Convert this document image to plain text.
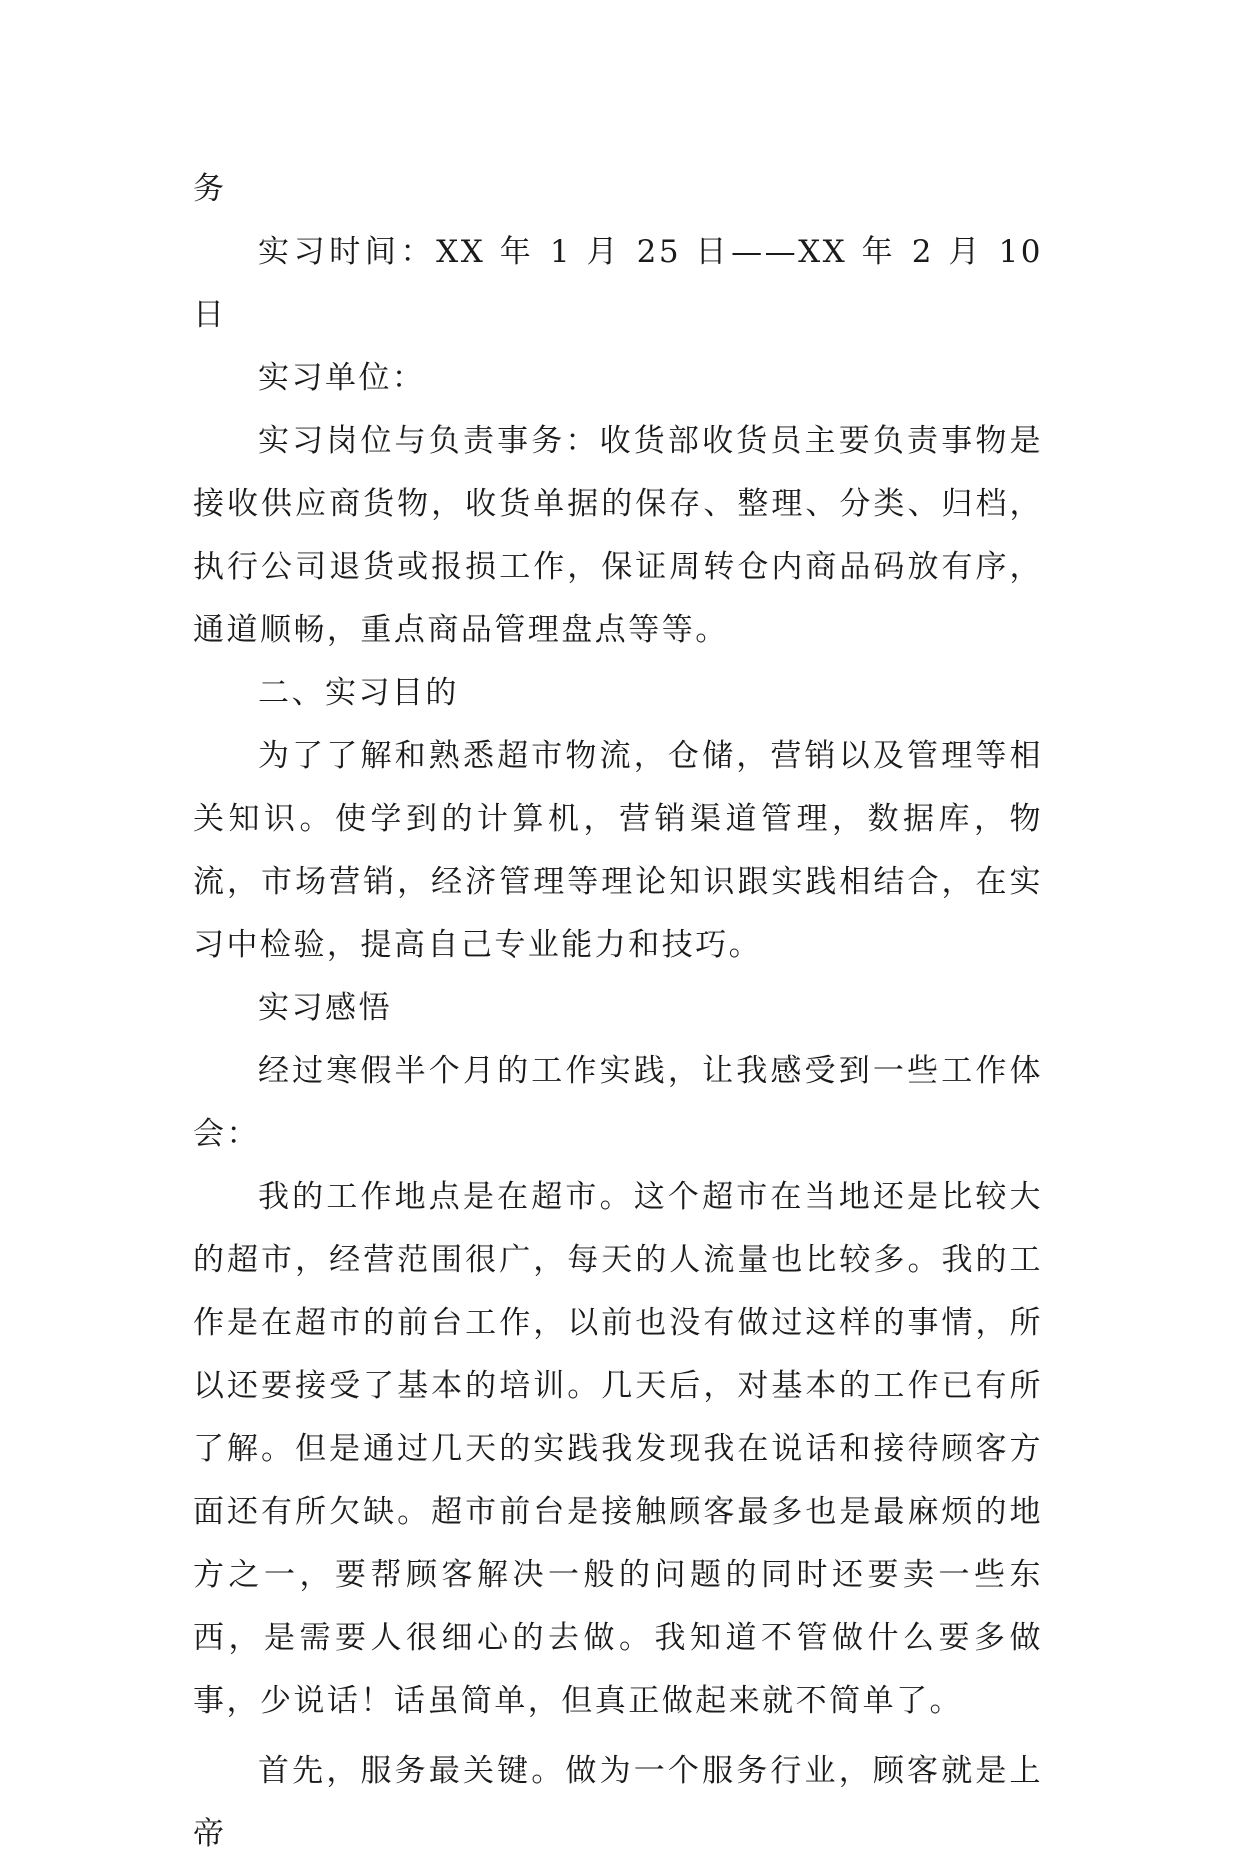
务

实习时间：XX 年 1 月 25 日——XX 年 2 月 10 日

实习单位：

实习岗位与负责事务：收货部收货员主要负责事物是接收供应商货物，收货单据的保存、整理、分类、归档，执行公司退货或报损工作，保证周转仓内商品码放有序，通道顺畅，重点商品管理盘点等等。

二、实习目的

为了了解和熟悉超市物流，仓储，营销以及管理等相关知识。使学到的计算机，营销渠道管理，数据库，物流，市场营销，经济管理等理论知识跟实践相结合，在实习中检验，提高自己专业能力和技巧。

实习感悟

经过寒假半个月的工作实践，让我感受到一些工作体会：

我的工作地点是在超市。这个超市在当地还是比较大的超市，经营范围很广，每天的人流量也比较多。我的工作是在超市的前台工作，以前也没有做过这样的事情，所以还要接受了基本的培训。几天后，对基本的工作已有所了解。但是通过几天的实践我发现我在说话和接待顾客方面还有所欠缺。超市前台是接触顾客最多也是最麻烦的地方之一，要帮顾客解决一般的问题的同时还要卖一些东西，是需要人很细心的去做。我知道不管做什么要多做事，少说话！话虽简单，但真正做起来就不简单了。

首先，服务最关键。做为一个服务行业，顾客就是上帝
